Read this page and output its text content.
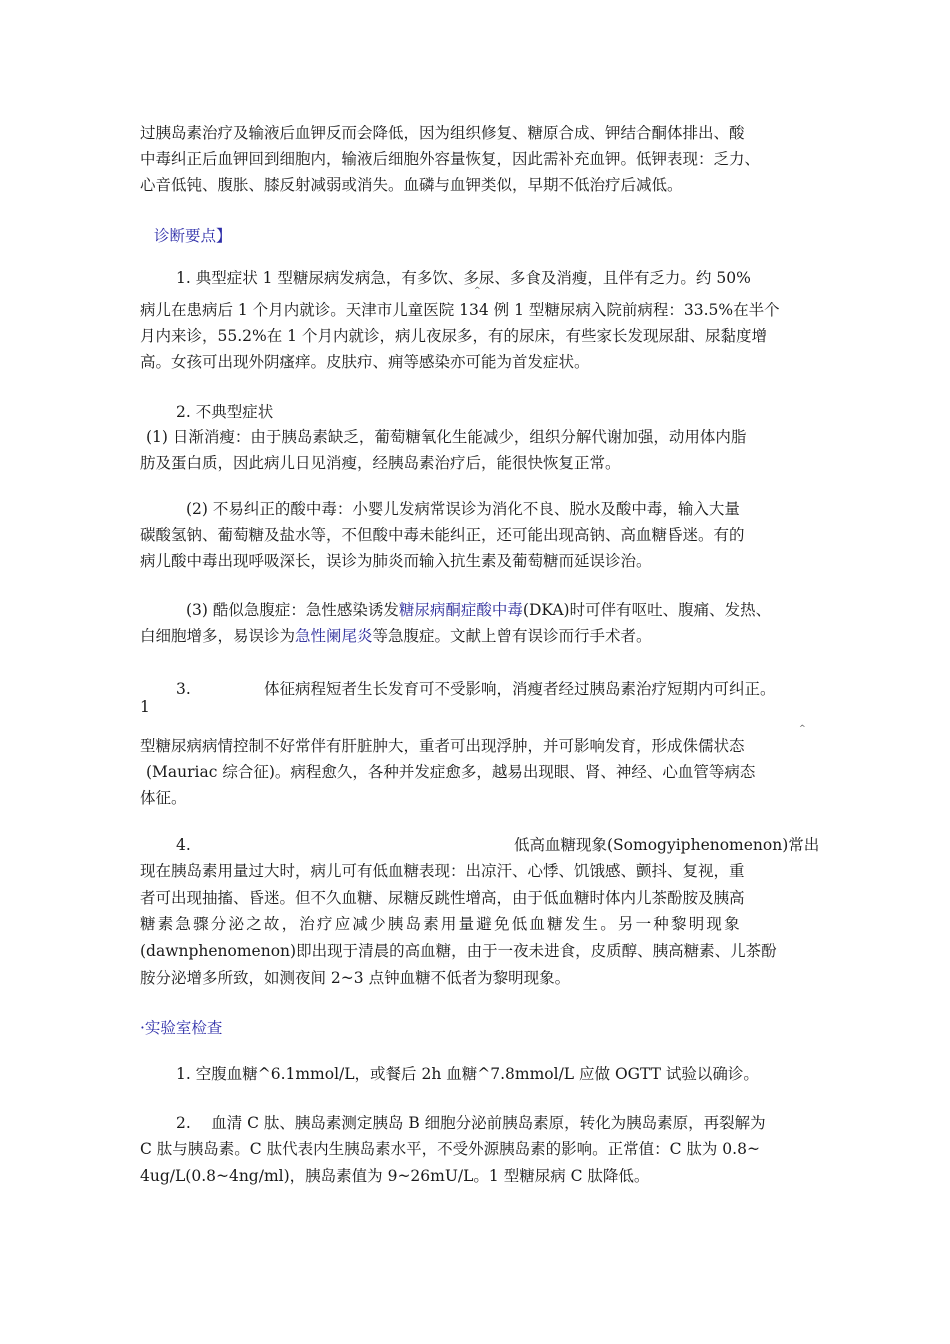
过胰岛素治疗及输液后血钾反而会降低，因为组织修复、糖原合成、钾结合酮体排出、酸
中毒纠正后血钾回到细胞内，输液后细胞外容量恢复，因此需补充血钾。低钾表现：乏力、
心音低钝、腹胀、膝反射减弱或消失。血磷与血钾类似，早期不低治疗后减低。
诊断要点】
1. 典型症状 1 型糖尿病发病急，有多饮、多尿、多食及消瘦，且伴有乏力。约 50%
^
病儿在患病后 1 个月内就诊。天津市儿童医院 134 例 1 型糖尿病入院前病程：33.5%在半个
月内来诊，55.2%在 1 个月内就诊，病儿夜尿多，有的尿床，有些家长发现尿甜、尿黏度增
高。女孩可出现外阴瘙痒。皮肤疖、痈等感染亦可能为首发症状。
2. 不典型症状
(1) 日渐消瘦：由于胰岛素缺乏，葡萄糖氧化生能减少，组织分解代谢加强，动用体内脂
肪及蛋白质，因此病儿日见消瘦，经胰岛素治疗后，能很快恢复正常。
(2) 不易纠正的酸中毒：小婴儿发病常误诊为消化不良、脱水及酸中毒，输入大量
碳酸氢钠、葡萄糖及盐水等，不但酸中毒未能纠正，还可能出现高钠、高血糖昏迷。有的
病儿酸中毒出现呼吸深长，误诊为肺炎而输入抗生素及葡萄糖而延误诊治。
(3) 酷似急腹症：急性感染诱发糖尿病酮症酸中毒(DKA)时可伴有呕吐、腹痛、发热、
白细胞增多，易误诊为急性阑尾炎等急腹症。文献上曾有误诊而行手术者。
3.	体征病程短者生长发育可不受影响，消瘦者经过胰岛素治疗短期内可纠正。
1
^
型糖尿病病情控制不好常伴有肝脏肿大，重者可出现浮肿，并可影响发育，形成侏儒状态
(Mauriac 综合征)。病程愈久，各种并发症愈多，越易出现眼、肾、神经、心血管等病态
体征。
4.	低高血糖现象(Somogyiphenomenon)常出
现在胰岛素用量过大时，病儿可有低血糖表现：出凉汗、心悸、饥饿感、颤抖、复视，重
者可出现抽搐、昏迷。但不久血糖、尿糖反跳性增高，由于低血糖时体内儿茶酚胺及胰高
糖素急骤分泌之故，治疗应减少胰岛素用量避免低血糖发生。另一种黎明现象
(dawnphenomenon)即出现于清晨的高血糖，由于一夜未进食，皮质醇、胰高糖素、儿茶酚
胺分泌增多所致，如测夜间 2~3 点钟血糖不低者为黎明现象。
·实验室检查
1. 空腹血糖^6.1mmol/L，或餐后 2h 血糖^7.8mmol/L 应做 OGTT 试验以确诊。
2.　 血清 C 肽、胰岛素测定胰岛 B 细胞分泌前胰岛素原，转化为胰岛素原，再裂解为
C 肽与胰岛素。C 肽代表内生胰岛素水平，不受外源胰岛素的影响。正常值：C 肽为 0.8~
4ug/L(0.8~4ng/ml)，胰岛素值为 9~26mU/L。1 型糖尿病 C 肽降低。
